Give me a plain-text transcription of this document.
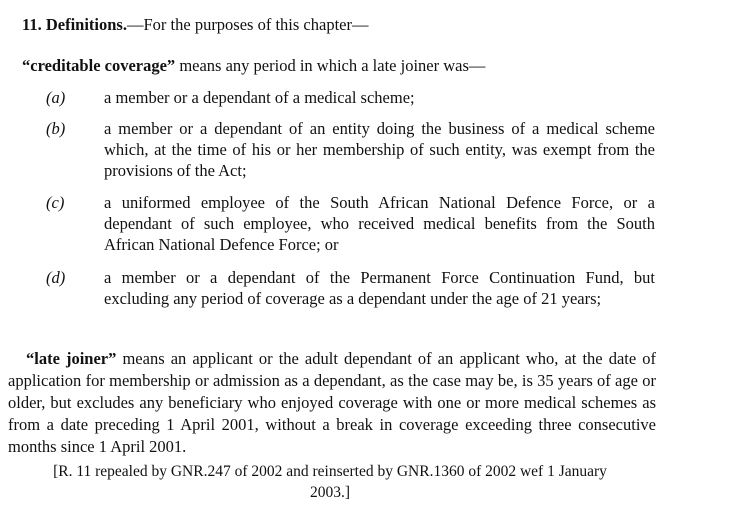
11. Definitions.—For the purposes of this chapter—
“creditable coverage” means any period in which a late joiner was—
(a) a member or a dependant of a medical scheme;
(b) a member or a dependant of an entity doing the business of a medical scheme which, at the time of his or her membership of such entity, was exempt from the provisions of the Act;
(c) a uniformed employee of the South African National Defence Force, or a dependant of such employee, who received medical benefits from the South African National Defence Force; or
(d) a member or a dependant of the Permanent Force Continuation Fund, but excluding any period of coverage as a dependant under the age of 21 years;
“late joiner” means an applicant or the adult dependant of an applicant who, at the date of application for membership or admission as a dependant, as the case may be, is 35 years of age or older, but excludes any beneficiary who enjoyed coverage with one or more medical schemes as from a date preceding 1 April 2001, without a break in coverage exceeding three consecutive months since 1 April 2001.
[R. 11 repealed by GNR.247 of 2002 and reinserted by GNR.1360 of 2002 wef 1 January 2003.]
